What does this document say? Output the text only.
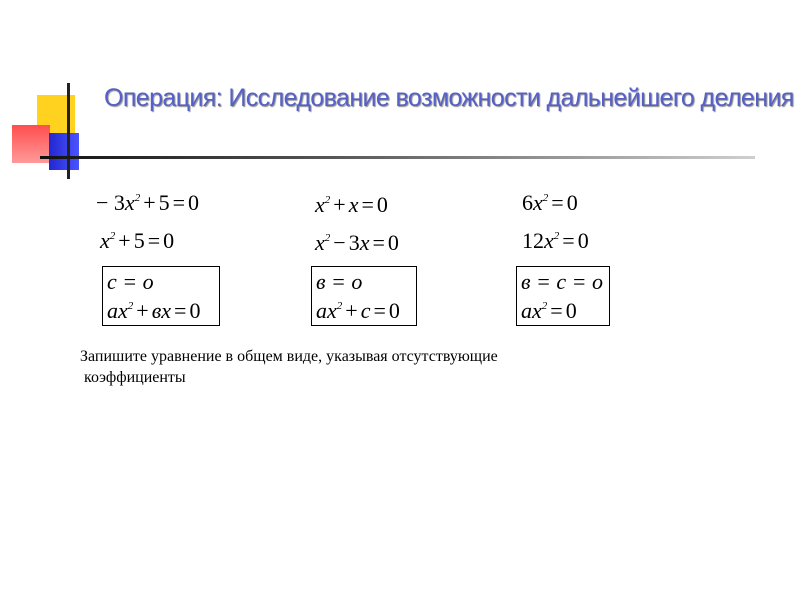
Операция: Исследование возможности дальнейшего деления
− $3x^2 + 5 = 0$
$x^2 + 5 = 0$
$x^2 + x = 0$
$x^2 - 3x = 0$
$6x^2 = 0$
$12x^2 = 0$
c = o
$ax^2$ + вx = 0
в = o
$ax^2 + c = 0$
в = c = o
$ax^2 = 0$

Запишите уравнение в общем виде, указывая отсутствующие
коэффициенты
